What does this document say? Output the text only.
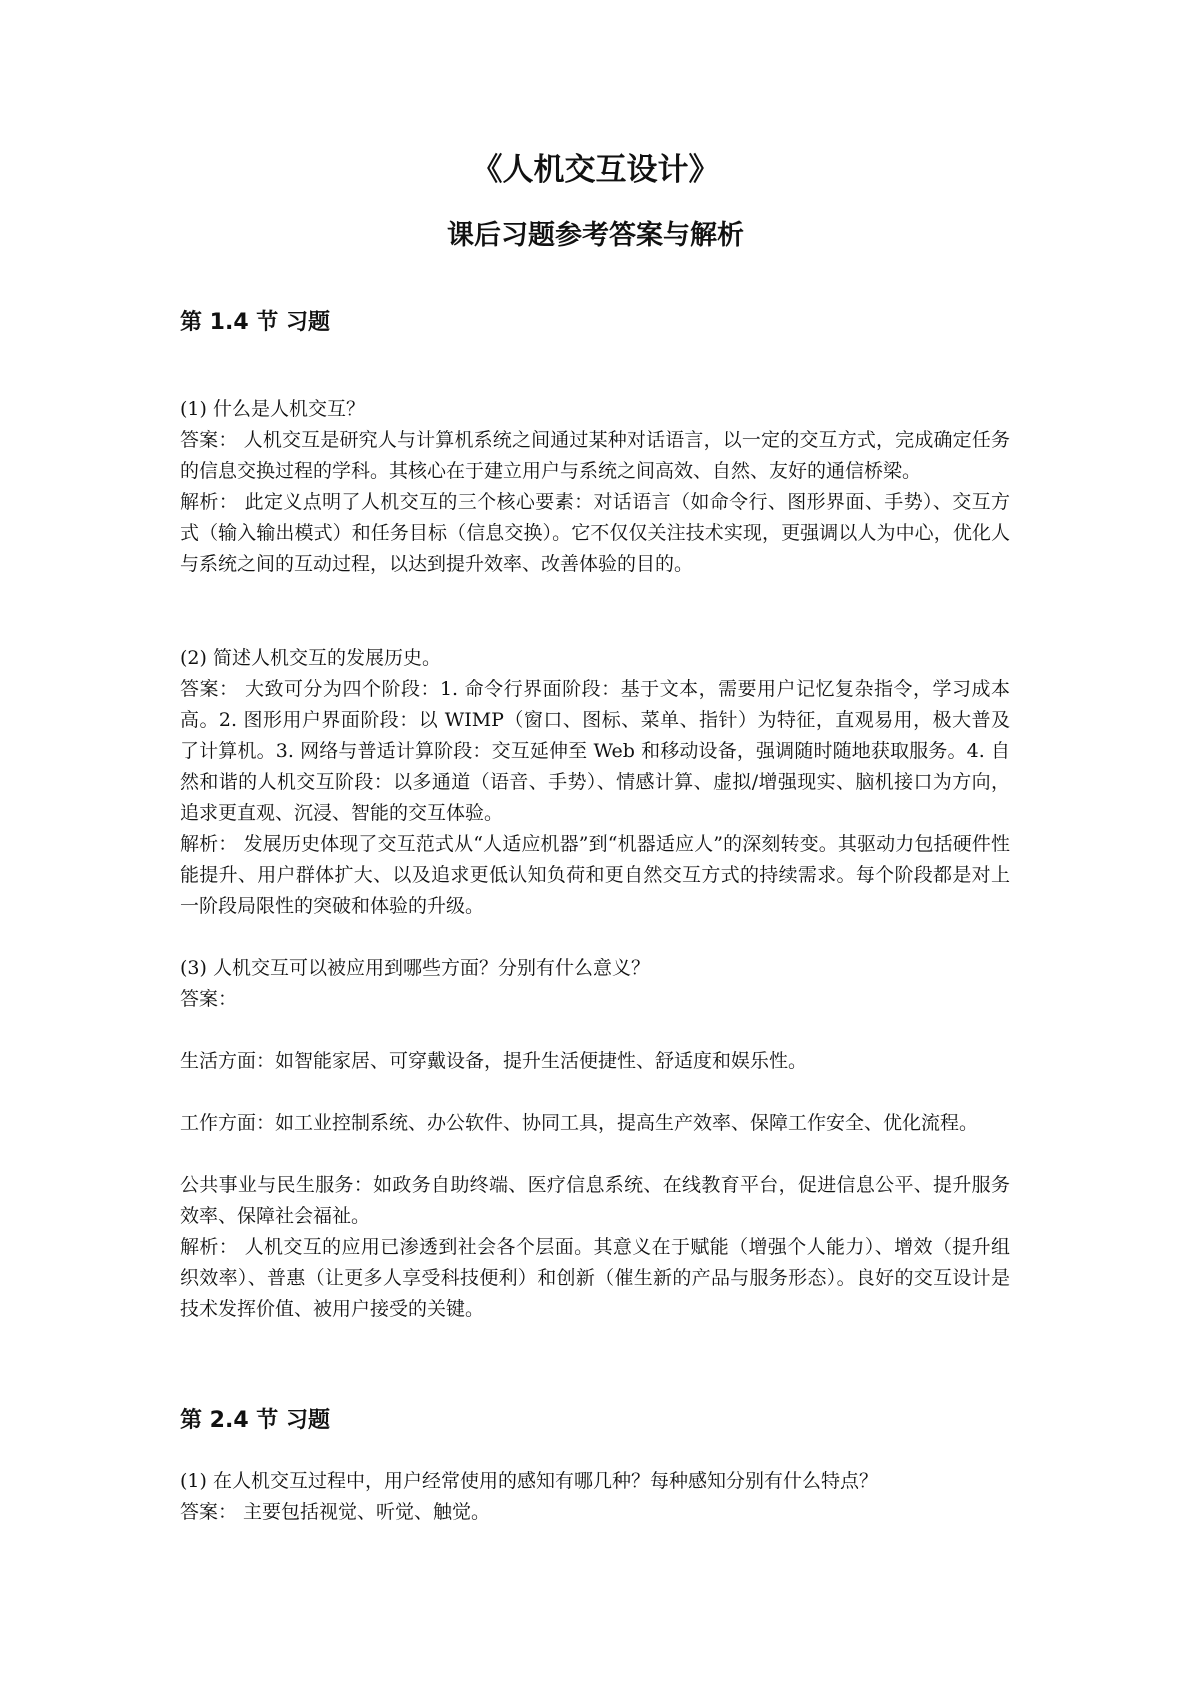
《人机交互设计》
课后习题参考答案与解析
第 1.4 节 习题

(1) 什么是人机交互？

答案： 人机交互是研究人与计算机系统之间通过某种对话语言，以一定的交互方式，完成确定任务的信息交换过程的学科。其核心在于建立用户与系统之间高效、自然、友好的通信桥梁。

解析： 此定义点明了人机交互的三个核心要素：对话语言（如命令行、图形界面、手势）、交互方式（输入输出模式）和任务目标（信息交换）。它不仅仅关注技术实现，更强调以人为中心，优化人与系统之间的互动过程，以达到提升效率、改善体验的目的。

(2) 简述人机交互的发展历史。

答案： 大致可分为四个阶段：1. 命令行界面阶段：基于文本，需要用户记忆复杂指令，学习成本高。2. 图形用户界面阶段：以 WIMP（窗口、图标、菜单、指针）为特征，直观易用，极大普及了计算机。3. 网络与普适计算阶段：交互延伸至 Web 和移动设备，强调随时随地获取服务。4. 自然和谐的人机交互阶段：以多通道（语音、手势）、情感计算、虚拟/增强现实、脑机接口为方向，追求更直观、沉浸、智能的交互体验。

解析： 发展历史体现了交互范式从“人适应机器”到“机器适应人”的深刻转变。其驱动力包括硬件性能提升、用户群体扩大、以及追求更低认知负荷和更自然交互方式的持续需求。每个阶段都是对上一阶段局限性的突破和体验的升级。

(3) 人机交互可以被应用到哪些方面？分别有什么意义？

答案：

生活方面：如智能家居、可穿戴设备，提升生活便捷性、舒适度和娱乐性。

工作方面：如工业控制系统、办公软件、协同工具，提高生产效率、保障工作安全、优化流程。

公共事业与民生服务：如政务自助终端、医疗信息系统、在线教育平台，促进信息公平、提升服务效率、保障社会福祉。

解析： 人机交互的应用已渗透到社会各个层面。其意义在于赋能（增强个人能力）、增效（提升组织效率）、普惠（让更多人享受科技便利）和创新（催生新的产品与服务形态）。良好的交互设计是技术发挥价值、被用户接受的关键。

第 2.4 节 习题

(1) 在人机交互过程中，用户经常使用的感知有哪几种？每种感知分别有什么特点？

答案： 主要包括视觉、听觉、触觉。
